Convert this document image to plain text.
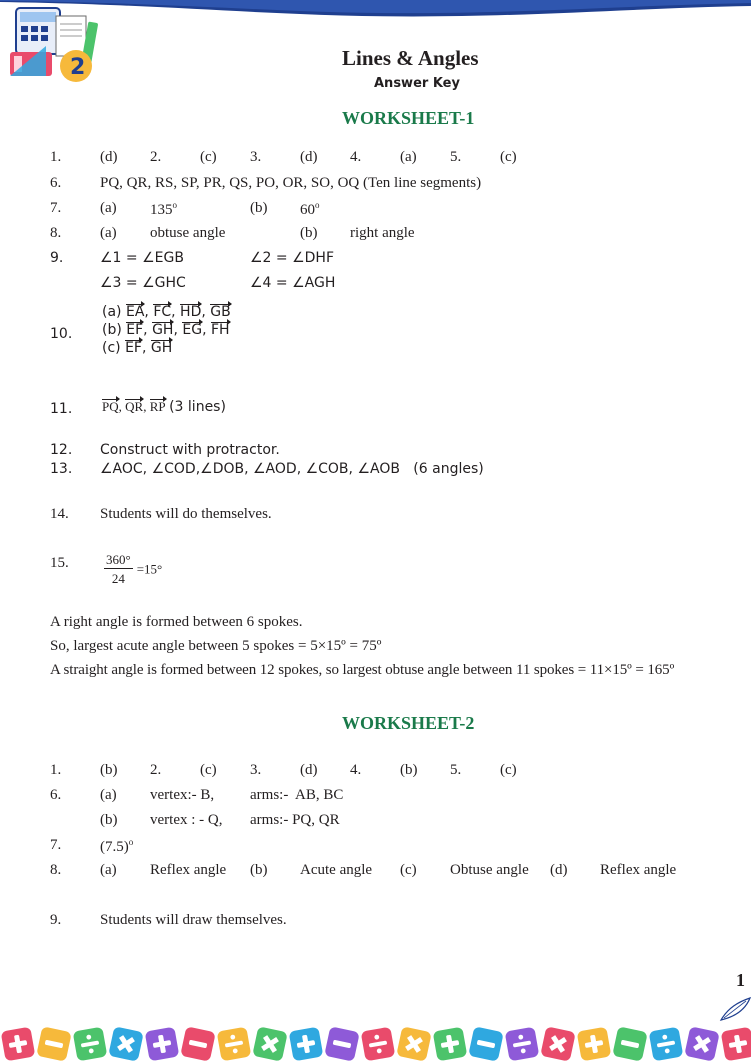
2	Lines & Angles
Answer Key
WORKSHEET-1
1.	(d) 2.	(c) 3.	(d) 4.	(a) 5.	(c)
6.	PQ, QR, RS, SP, PR, QS, PO, OR, SO, OQ (Ten line segments)
7.	(a) 135$^o$	(b) 60$^o$
8.	(a) obtuse angle	(b) right angle
9.	∠1 = ∠EGB	∠2 = ∠DHF
∠3 = ∠GHC	∠4 = ∠AGH
10.
(a) EA, FC, HD, GB
(b) EF, GH, EG, FH
(c) EF, GH
11. PQ, QR, RP (3 lines)
12. Construct with protractor.
13. ∠AOC, ∠COD,∠DOB, ∠AOD, ∠COB, ∠AOB   (6 angles)
14. Students will do themselves.
15.	$\frac{360^\circ}{24} =15^\circ$
A right angle is formed between 6 spokes.
So, largest acute angle between 5 spokes = 5×15º = 75º
A straight angle is formed between 12 spokes, so largest obtuse angle between 11 spokes = 11×15º = 165º
WORKSHEET-2
1.	(b) 2.	(c) 3.	(d) 4.	(b) 5.	(c)
6.	(a) vertex:- B, arms:-  AB, BC
(b) vertex : - Q, arms:- PQ, QR
7.	$(7.5)^o$
8.	(a) Reflex angle (b) Acute angle (c) Obtuse angle (d) Reflex angle
9.	Students will draw themselves.
1
